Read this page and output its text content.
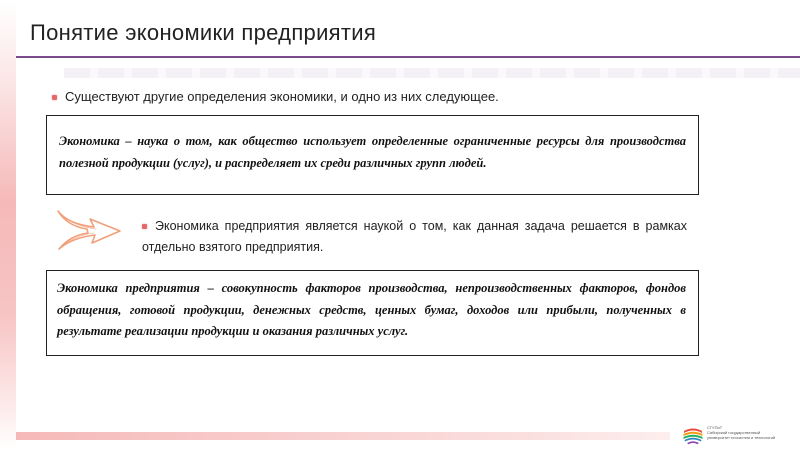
Понятие экономики предприятия
Существуют другие определения экономики, и одно из них следующее.
Экономика – наука о том, как общество использует определенные ограниченные ресурсы для производства полезной продукции (услуг), и распределяет их среди различных групп людей.
Экономика предприятия является наукой о том, как данная задача решается в рамках отдельно взятого предприятия.
Экономика предприятия – совокупность факторов производства, непроизводственных факторов, фондов обращения, готовой продукции, денежных средств, ценных бумаг, доходов или прибыли, полученных в результате реализации продукции и оказания различных услуг.
СГУПиТ
Сибирский государственный
университет геосистем и технологий
